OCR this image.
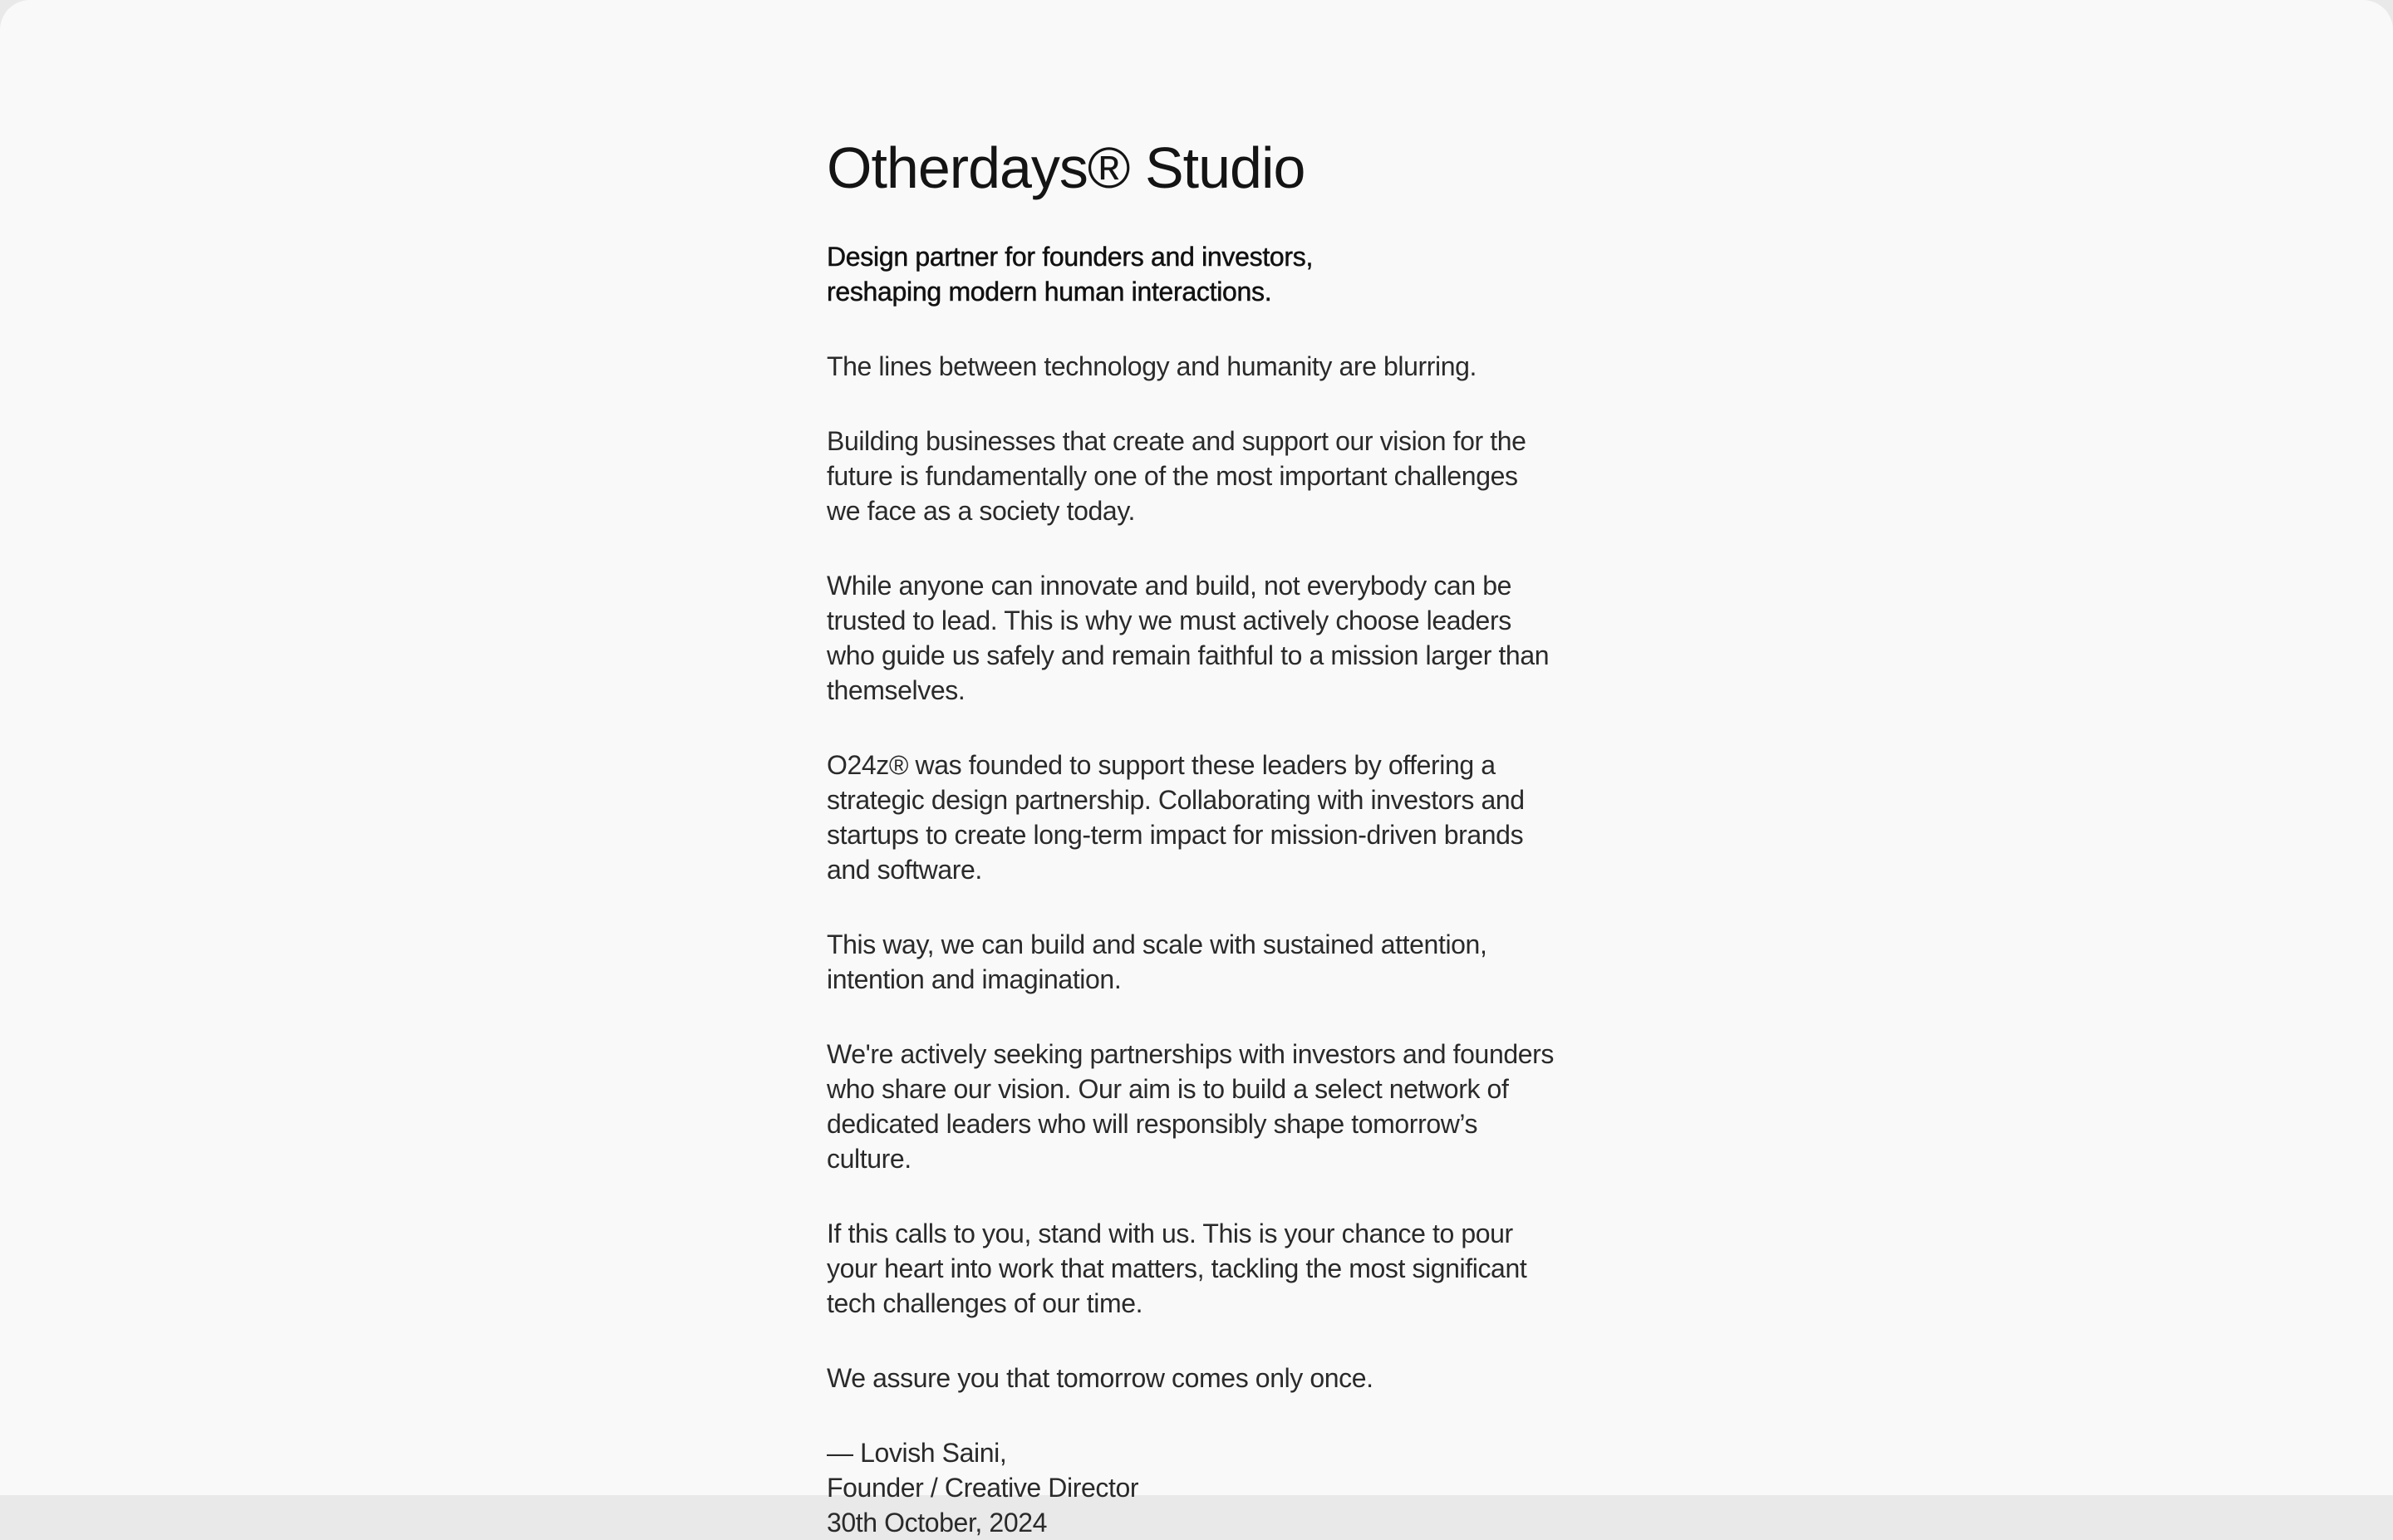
Otherdays® Studio

Design partner for founders and investors,
reshaping modern human interactions.

The lines between technology and humanity are blurring.

Building businesses that create and support our vision for the future is fundamentally one of the most important challenges we face as a society today.

While anyone can innovate and build, not everybody can be trusted to lead. This is why we must actively choose leaders who guide us safely and remain faithful to a mission larger than themselves.

O24z® was founded to support these leaders by offering a strategic design partnership. Collaborating with investors and startups to create long-term impact for mission-driven brands and software.

This way, we can build and scale with sustained attention, intention and imagination.

We're actively seeking partnerships with investors and founders who share our vision. Our aim is to build a select network of dedicated leaders who will responsibly shape tomorrow’s culture.

If this calls to you, stand with us. This is your chance to pour your heart into work that matters, tackling the most significant tech challenges of our time.

We assure you that tomorrow comes only once.

— Lovish Saini,
Founder / Creative Director
30th October, 2024
